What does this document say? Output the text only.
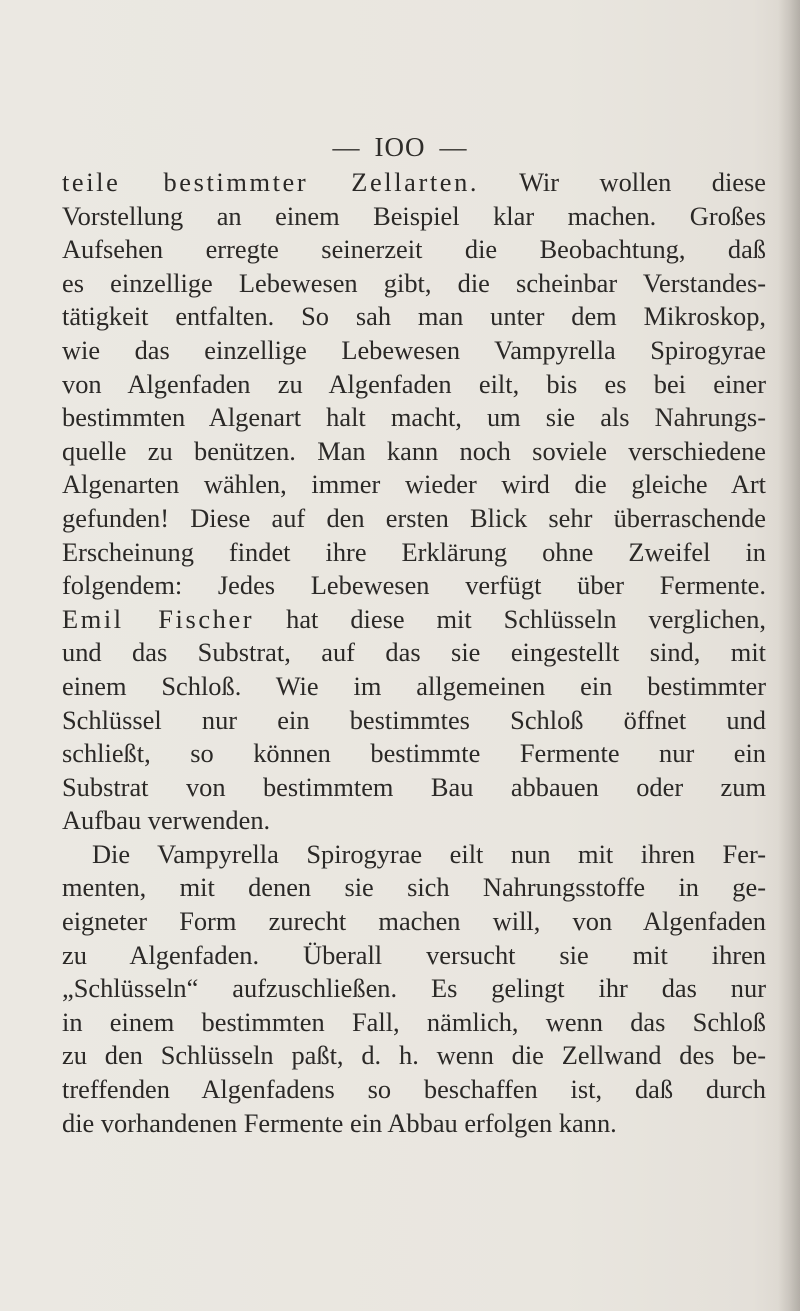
— IOO —
teile bestimmter Zellarten. Wir wollen diese
Vorstellung an einem Beispiel klar machen. Großes
Aufsehen erregte seinerzeit die Beobachtung, daß
es einzellige Lebewesen gibt, die scheinbar Verstandes-
tätigkeit entfalten. So sah man unter dem Mikroskop,
wie das einzellige Lebewesen Vampyrella Spirogyrae
von Algenfaden zu Algenfaden eilt, bis es bei einer
bestimmten Algenart halt macht, um sie als Nahrungs-
quelle zu benützen. Man kann noch soviele verschiedene
Algenarten wählen, immer wieder wird die gleiche Art
gefunden! Diese auf den ersten Blick sehr überraschende
Erscheinung findet ihre Erklärung ohne Zweifel in
folgendem: Jedes Lebewesen verfügt über Fermente.
Emil Fischer hat diese mit Schlüsseln verglichen,
und das Substrat, auf das sie eingestellt sind, mit
einem Schloß. Wie im allgemeinen ein bestimmter
Schlüssel nur ein bestimmtes Schloß öffnet und
schließt, so können bestimmte Fermente nur ein
Substrat von bestimmtem Bau abbauen oder zum
Aufbau verwenden.
Die Vampyrella Spirogyrae eilt nun mit ihren Fer-
menten, mit denen sie sich Nahrungsstoffe in ge-
eigneter Form zurecht machen will, von Algenfaden
zu Algenfaden. Überall versucht sie mit ihren
„Schlüsseln“ aufzuschließen. Es gelingt ihr das nur
in einem bestimmten Fall, nämlich, wenn das Schloß
zu den Schlüsseln paßt, d. h. wenn die Zellwand des be-
treffenden Algenfadens so beschaffen ist, daß durch
die vorhandenen Fermente ein Abbau erfolgen kann.
